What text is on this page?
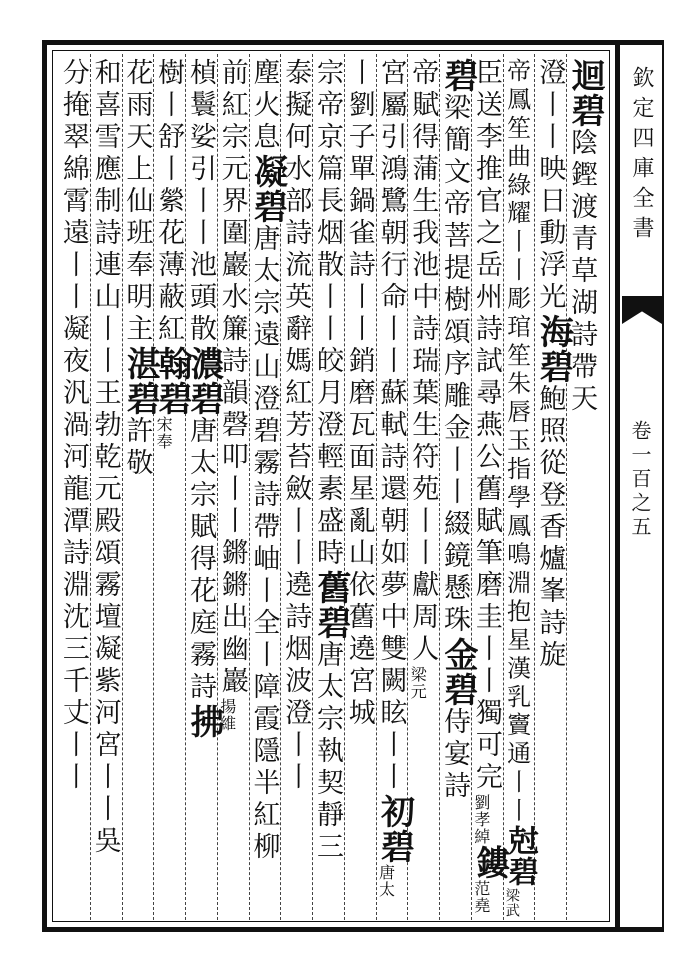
欽定四庫全書
卷一百之五
迴碧
陰鏗渡青草湖詩帶天
澄丨丨映日動浮光
海碧
鮑照從登香爐峯詩旋
帝鳳笙曲綠耀丨丨彫琯笙朱唇玉指學鳳鳴
淵抱星漢乳竇通丨丨
尅碧
梁武
臣送李推官之岳州詩試尋燕公舊賦筆磨圭丨丨獨可完
劉孝綽
鏤
范堯
碧
梁簡文帝菩提樹頌序雕金丨丨綴鏡懸珠
金碧
侍宴詩
帝賦得蒲生我池中詩瑞葉生符苑丨丨獻周人
梁元
宮屬引鴻鷺朝行命丨丨蘇軾詩還朝如夢中雙闕眩丨丨
初碧
唐太
丨劉子單鍋雀詩丨丨銷磨瓦面星亂山依舊遶宮城
宗帝京篇長烟散丨丨皎月澄輕素盛時
舊碧
唐太宗執契靜三
泰擬何水部詩流英辭媽紅芳苔斂丨丨遶詩烟波澄丨丨
塵火息
凝碧
唐太宗遠山澄碧霧詩帶岫丨全丨障霞隱半紅柳
前紅
宗元界圍巖水簾詩韻磬叩丨丨鏘鏘出幽巖
揚維
楨鬟娑引丨丨池頭散
濃碧
唐太宗賦得花庭霧詩
拂
樹丨舒丨縈花薄蔽紅
翰碧
宋奉
花雨天上仙班奉明主
湛碧
許敬
和喜雪應制詩連山丨丨
王勃乾元殿頌霧壇凝紫河宮丨丨吳
分掩翠綿霄遠丨丨
凝夜汎渦河龍潭詩淵沈三千丈丨丨
